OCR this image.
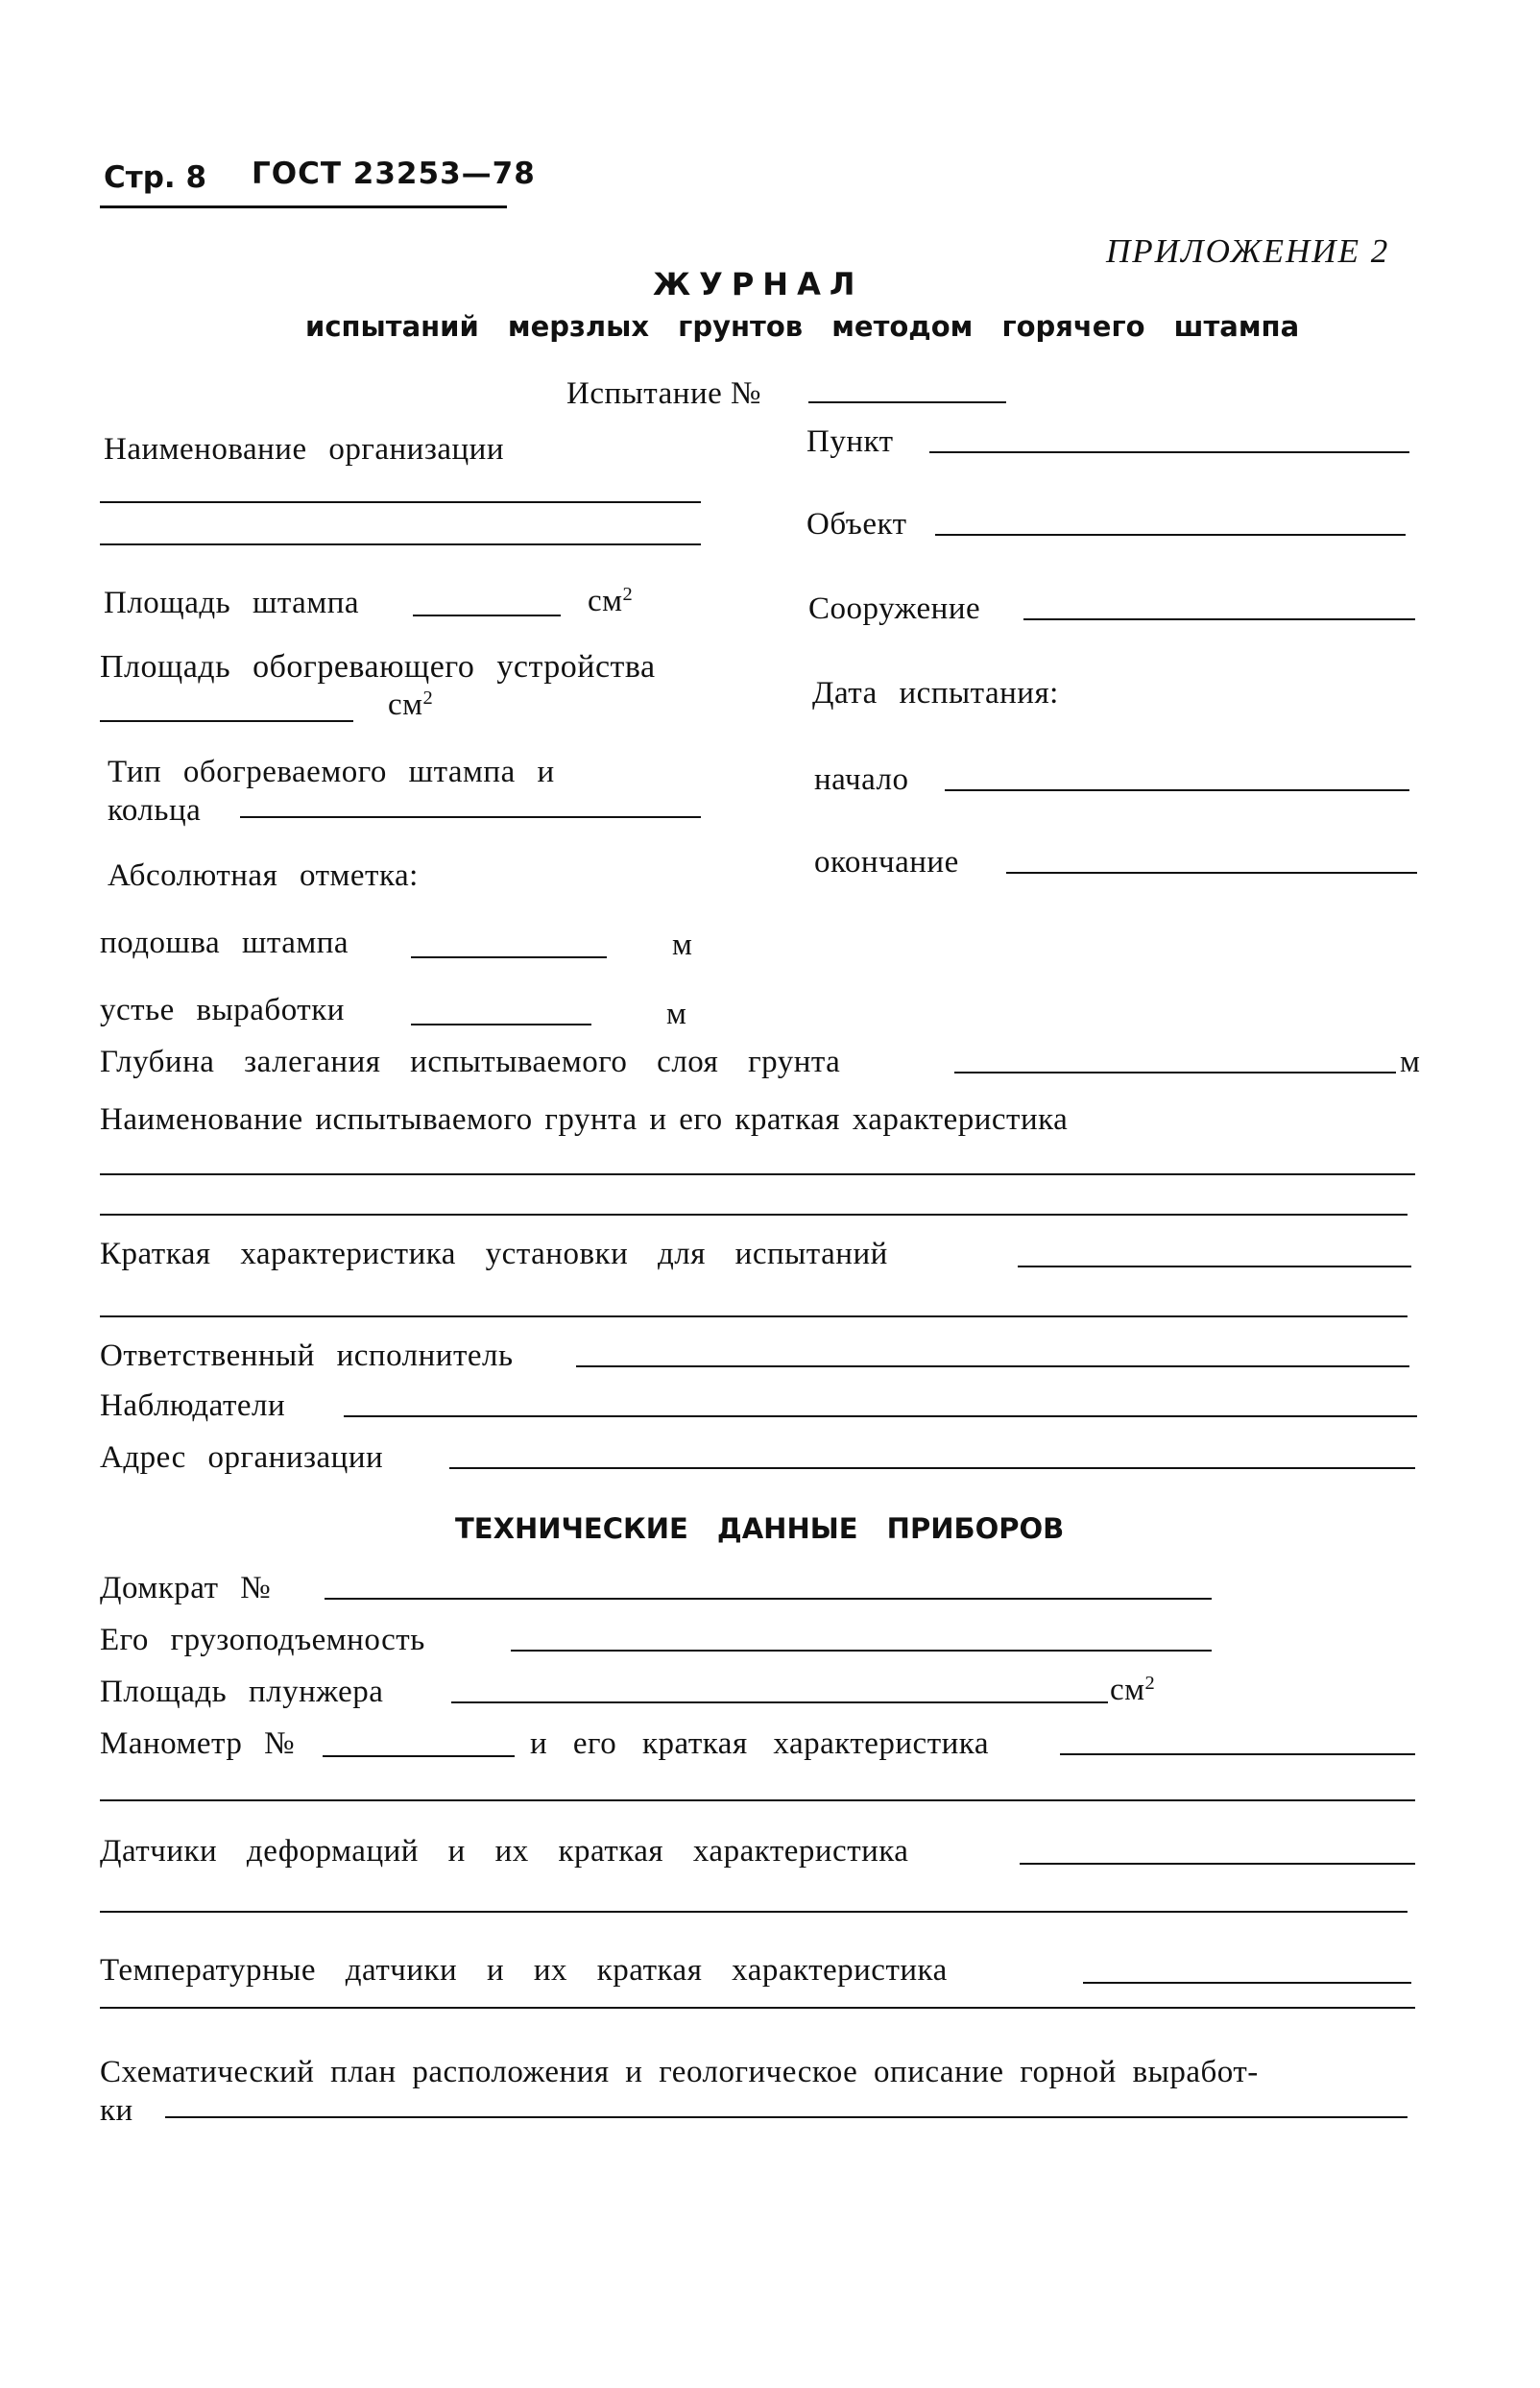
Стр. 8 ГОСТ 23253—78
ПРИЛОЖЕНИЕ 2
ЖУРНАЛ
испытаний мерзлых грунтов методом горячего штампа
Испытание №
Наименование организации
Площадь штампа	$см^2$
Площадь обогревающего устройства
$см^2$
Тип обогреваемого штампа и
кольца
Абсолютная отметка:
подошва штампа	м
устье выработки	м
Пункт
Объект
Сооружение
Дата испытания:
начало
окончание
Глубина залегания испытываемого слоя грунта	м
Наименование испытываемого грунта и его краткая характеристика
Краткая характеристика установки для испытаний
Ответственный исполнитель
Наблюдатели
Адрес организации
ТЕХНИЧЕСКИЕ ДАННЫЕ ПРИБОРОВ
Домкрат №
Его грузоподъемность
Площадь плунжера	$см^2$
Манометр №	и его краткая характеристика
Датчики деформаций и их краткая характеристика
Температурные датчики и их краткая характеристика
Схематический план расположения и геологическое описание горной выработ-
ки
